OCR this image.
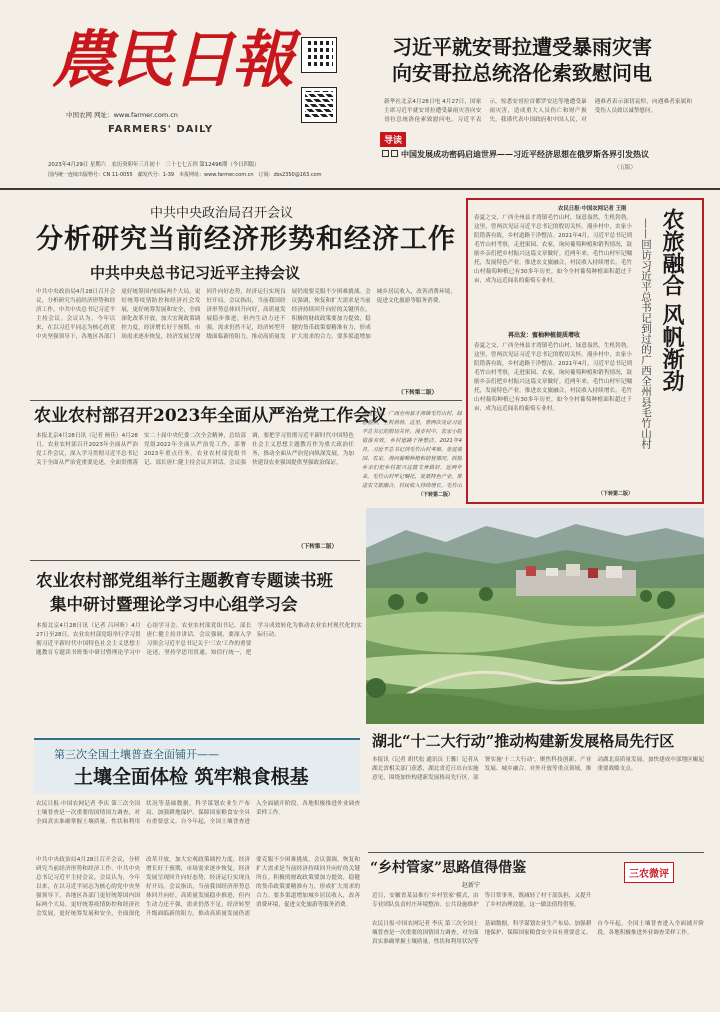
農民日報
中国农网 网址：www.farmer.com.cn
FARMERS' DAILY
2023年4月29日 星期六　农历癸卯年三月初十　三十七七五四 第12496期（今日四版）
国内统一连续出版物号：CN 11-0055　邮发代号：1-39　本报网址：www.farmer.com.cn　订阅：zbs2350@163.com
习近平就安哥拉遭受暴雨灾害
向安哥拉总统洛伦索致慰问电
新华社北京4月28日电 4月27日，国家主席习近平就安哥拉遭受暴雨灾害向安哥拉总统洛伦索致慰问电。习近平表示，惊悉安哥拉首都罗安达等地遭受暴雨灾害，造成重大人员伤亡和财产损失。我谨代表中国政府和中国人民，对遇难者表示深切哀悼，向遇难者家属和受伤人员致以诚挚慰问。
导读
中国发展成功密码启迪世界——习近平经济思想在俄罗斯各界引发热议
（五版）
中共中央政治局召开会议
分析研究当前经济形势和经济工作
中共中央总书记习近平主持会议
中共中央政治局4月28日召开会议，分析研究当前经济形势和经济工作。中共中央总书记习近平主持会议。会议认为，今年以来，在以习近平同志为核心的党中央坚强领导下，各地区各部门更好统筹国内国际两个大局，更好统筹疫情防控和经济社会发展，更好统筹发展和安全，全面深化改革开放，加大宏观政策调控力度，经济增长好于预期，市场需求逐步恢复，经济发展呈现回升向好态势，经济运行实现良好开局。会议指出，当前我国经济形势总体回升向好，高质量发展稳步推进，但内生动力还不强，需求仍然不足，经济转型升级面临新的阻力，推动高质量发展仍需要克服不少困难挑战。会议强调，恢复和扩大需求是当前经济持续回升向好的关键所在。积极的财政政策要加力提效，稳健的货币政策要精准有力，形成扩大需求的合力。要多渠道增加城乡居民收入，改善消费环境，促进文化旅游等服务消费。
（下转第二版）
农民日报·中国农网记者 王刚
春夏之交，广西全州县才湾镇毛竹山村，绿意盎然，生机勃勃。这里，曾两次见证习近平总书记的殷切关怀。漫步村中，农家小院错落有致，乡村道路干净整洁。2021年4月，习近平总书记到毛竹山村考察，走进果园、农家，询问葡萄种植和销售情况，鼓励乡亲们把乡村振兴这篇文章做好。近两年来，毛竹山村牢记嘱托，发展特色产业，推进农文旅融合，村民收入持续增长。毛竹山村葡萄种植已有30多年历史，如今全村葡萄种植面积超过千亩，成为远近闻名的葡萄专业村。
再出发：蜜柚种植提质增收
春夏之交，广西全州县才湾镇毛竹山村，绿意盎然，生机勃勃。这里，曾两次见证习近平总书记的殷切关怀。漫步村中，农家小院错落有致，乡村道路干净整洁。2021年4月，习近平总书记到毛竹山村考察，走进果园、农家，询问葡萄种植和销售情况，鼓励乡亲们把乡村振兴这篇文章做好。近两年来，毛竹山村牢记嘱托，发展特色产业，推进农文旅融合，村民收入持续增长。毛竹山村葡萄种植已有30多年历史，如今全村葡萄种植面积超过千亩，成为远近闻名的葡萄专业村。
（下转第二版）
农旅融合 风帆渐劲
——回访习近平总书记到过的广西全州县毛竹山村
农业农村部召开2023年全面从严治党工作会议
本报北京4月28日讯（记者 杨佳）4月28日，农业农村部召开2023年全面从严治党工作会议，深入学习贯彻习近平总书记关于全面从严治党重要论述，全面贯彻落实二十届中央纪委二次全会精神，总结部党组2022年全面从严治党工作，部署2023年重点任务。农业农村部党组书记、部长唐仁健主持会议并讲话。会议强调，要把学习贯彻习近平新时代中国特色社会主义思想主题教育作为重大政治任务，推动全面从严治党向纵深发展，为加快建设农业强国提供坚强政治保证。
（下转第二版）
春夏之交，广西全州县才湾镇毛竹山村，绿意盎然，生机勃勃。这里，曾两次见证习近平总书记的殷切关怀。漫步村中，农家小院错落有致，乡村道路干净整洁。2021年4月，习近平总书记到毛竹山村考察，走进果园、农家，询问葡萄种植和销售情况，鼓励乡亲们把乡村振兴这篇文章做好。近两年来，毛竹山村牢记嘱托，发展特色产业，推进农文旅融合，村民收入持续增长。毛竹山
（下转第二版）
农业农村部党组举行主题教育专题读书班
集中研讨暨理论学习中心组学习会
本报北京4月28日讯（记者 吕珂昕）4月27日至28日，农业农村部党组举行学习贯彻习近平新时代中国特色社会主义思想主题教育专题读书班集中研讨暨理论学习中心组学习会。农业农村部党组书记、部长唐仁健主持并讲话。会议强调，要深入学习领会习近平总书记关于'三农'工作的重要论述，坚持学思用贯通、知信行统一，把学习成效转化为推动农业农村现代化的实际行动。
湖北“十二大行动”推动构建新发展格局先行区
本报讯（记者 胡代松 通讯员 王馨）记者从湖北省相关部门获悉，湖北省近日出台实施意见，围绕加快构建新发展格局先行区，部署实施'十二大行动'，聚焦科技创新、产业发展、城乡融合、对外开放等重点领域，推动湖北高质量发展，加快建成中部地区崛起重要战略支点。
第三次全国土壤普查全面铺开——
土壤全面体检 筑牢粮食根基
农民日报·中国农网记者 李庆 第三次全国土壤普查是一次重要的国情国力调查，对全面真实准确掌握土壤质量、性状和利用状况等基础数据，科学谋划农业生产布局、加强耕地保护、保障国家粮食安全具有重要意义。自今年起，全国土壤普查进入全面铺开阶段，各地积极推进外业调查采样工作。
中共中央政治局4月28日召开会议，分析研究当前经济形势和经济工作。中共中央总书记习近平主持会议。会议认为，今年以来，在以习近平同志为核心的党中央坚强领导下，各地区各部门更好统筹国内国际两个大局，更好统筹疫情防控和经济社会发展，更好统筹发展和安全，全面深化改革开放，加大宏观政策调控力度，经济增长好于预期，市场需求逐步恢复，经济发展呈现回升向好态势，经济运行实现良好开局。会议指出，当前我国经济形势总体回升向好，高质量发展稳步推进，但内生动力还不强，需求仍然不足，经济转型升级面临新的阻力，推动高质量发展仍需要克服不少困难挑战。会议强调，恢复和扩大需求是当前经济持续回升向好的关键所在。积极的财政政策要加力提效，稳健的货币政策要精准有力，形成扩大需求的合力。要多渠道增加城乡居民收入，改善消费环境，促进文化旅游等服务消费。
“乡村管家”思路值得借鉴
赵新宁
三农微评
近日，安徽省某县推行'乡村管家'模式，由专业团队负责村庄环境整治、公共设施维护等日常事务，既减轻了村干部负担，又提升了乡村治理效能。这一做法值得借鉴。
农民日报·中国农网记者 李庆 第三次全国土壤普查是一次重要的国情国力调查，对全面真实准确掌握土壤质量、性状和利用状况等基础数据，科学谋划农业生产布局、加强耕地保护、保障国家粮食安全具有重要意义。自今年起，全国土壤普查进入全面铺开阶段，各地积极推进外业调查采样工作。
